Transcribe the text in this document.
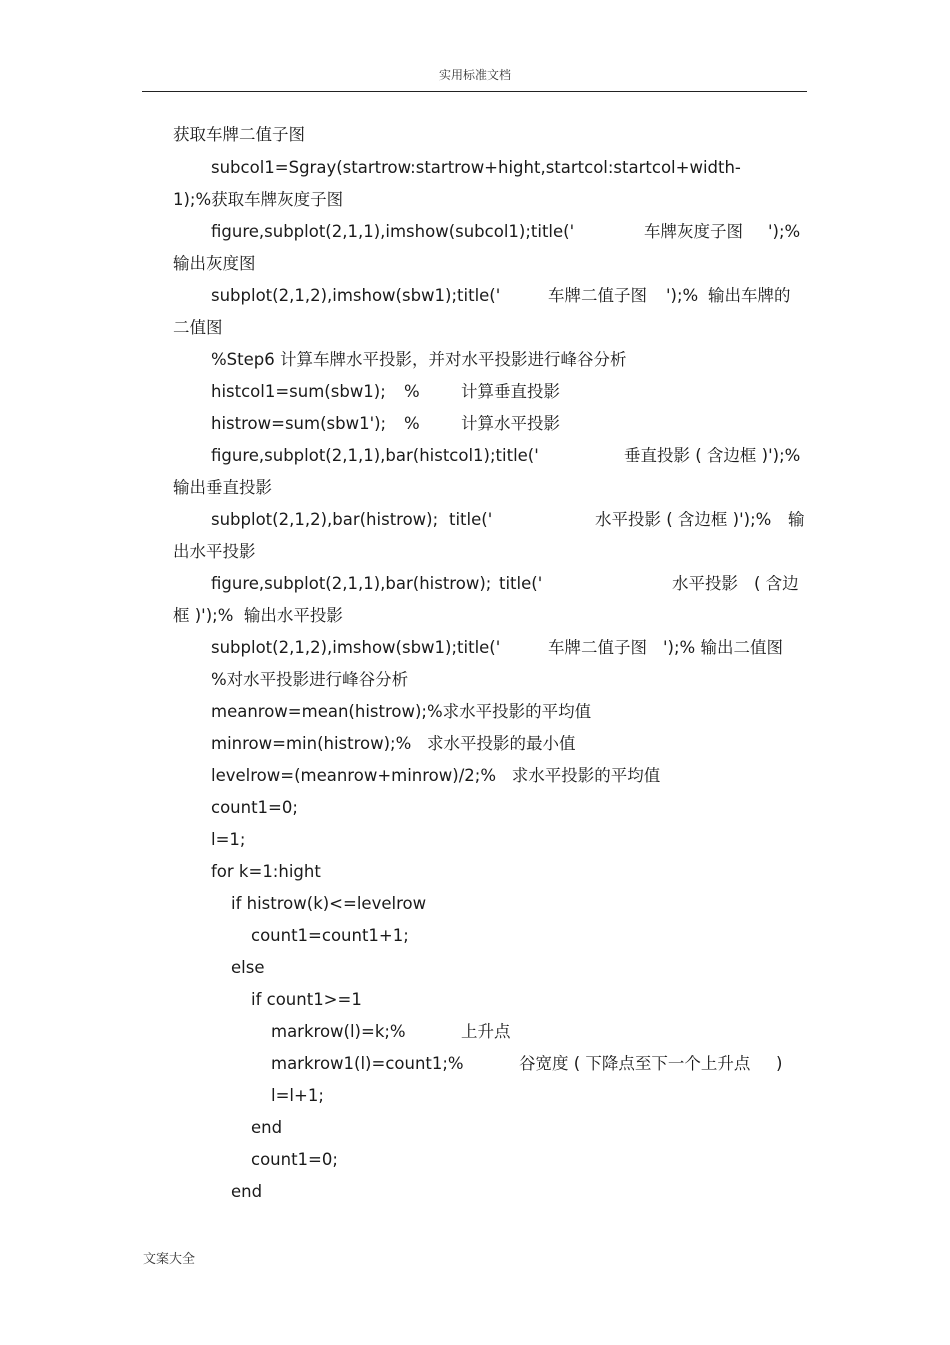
实用标准文档
获取车牌二值子图
subcol1=Sgray(startrow:startrow+hight,startcol:startcol+width-
1);%获取车牌灰度子图
figure,subplot(2,1,1),imshow(subcol1);title('	车牌灰度子图 ');%
输出灰度图
subplot(2,1,2),imshow(sbw1);title('	车牌二值子图 ');% 输出车牌的
二值图
%Step6 计算车牌水平投影，并对水平投影进行峰谷分析
histcol1=sum(sbw1); %	计算垂直投影
histrow=sum(sbw1'); %	计算水平投影
figure,subplot(2,1,1),bar(histcol1);title('	垂直投影 ( 含边框 )');%
输出垂直投影
subplot(2,1,2),bar(histrow); title('	水平投影 ( 含边框 )');% 输
出水平投影
figure,subplot(2,1,1),bar(histrow); title('	水平投影 ( 含边
框 )');%  输出水平投影
subplot(2,1,2),imshow(sbw1);title('	车牌二值子图 ');% 输出二值图
%对水平投影进行峰谷分析
meanrow=mean(histrow);%求水平投影的平均值
minrow=min(histrow);%   求水平投影的最小值
levelrow=(meanrow+minrow)/2;%   求水平投影的平均值
count1=0;
l=1;
for k=1:hight
if histrow(k)<=levelrow
count1=count1+1;
else
if count1>=1
markrow(l)=k;%	上升点
markrow1(l)=count1;%	谷宽度 ( 下降点至下一个上升点 )
l=l+1;
end
count1=0;
end
文案大全
